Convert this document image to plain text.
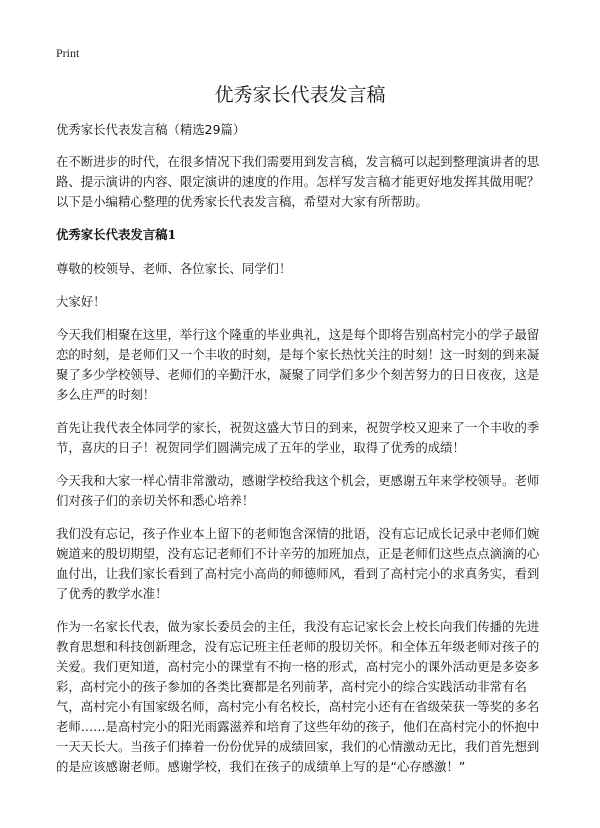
Print
优秀家长代表发言稿

优秀家长代表发言稿（精选29篇）

在不断进步的时代，在很多情况下我们需要用到发言稿，发言稿可以起到整理演讲者的思路、提示演讲的内容、限定演讲的速度的作用。怎样写发言稿才能更好地发挥其做用呢？以下是小编精心整理的优秀家长代表发言稿，希望对大家有所帮助。

优秀家长代表发言稿1

尊敬的校领导、老师、各位家长、同学们！

大家好！

今天我们相聚在这里，举行这个隆重的毕业典礼，这是每个即将告别高村完小的学子最留恋的时刻，是老师们又一个丰收的时刻，是每个家长热忱关注的时刻！这一时刻的到来凝聚了多少学校领导、老师们的辛勤汗水，凝聚了同学们多少个刻苦努力的日日夜夜，这是多么庄严的时刻！

首先让我代表全体同学的家长，祝贺这盛大节日的到来，祝贺学校又迎来了一个丰收的季节，喜庆的日子！祝贺同学们圆满完成了五年的学业，取得了优秀的成绩！

今天我和大家一样心情非常激动，感谢学校给我这个机会，更感谢五年来学校领导。老师们对孩子们的亲切关怀和悉心培养！

我们没有忘记，孩子作业本上留下的老师饱含深情的批语，没有忘记成长记录中老师们婉婉道来的殷切期望，没有忘记老师们不计辛劳的加班加点，正是老师们这些点点滴滴的心血付出，让我们家长看到了高村完小高尚的师德师风，看到了高村完小的求真务实，看到了优秀的教学水准！

作为一名家长代表，做为家长委员会的主任，我没有忘记家长会上校长向我们传播的先进教育思想和科技创新理念，没有忘记班主任老师的殷切关怀。和全体五年级老师对孩子的关爱。我们更知道，高村完小的课堂有不拘一格的形式，高村完小的课外活动更是多姿多彩，高村完小的孩子参加的各类比赛都是名列前茅，高村完小的综合实践活动非常有名气，高村完小有国家级名师，高村完小有名校长，高村完小还有在省级荣获一等奖的多名老师……是高村完小的阳光雨露滋养和培育了这些年幼的孩子，他们在高村完小的怀抱中一天天长大。当孩子们捧着一份份优异的成绩回家，我们的心情激动无比，我们首先想到的是应该感谢老师。感谢学校，我们在孩子的成绩单上写的是“心存感激！”
